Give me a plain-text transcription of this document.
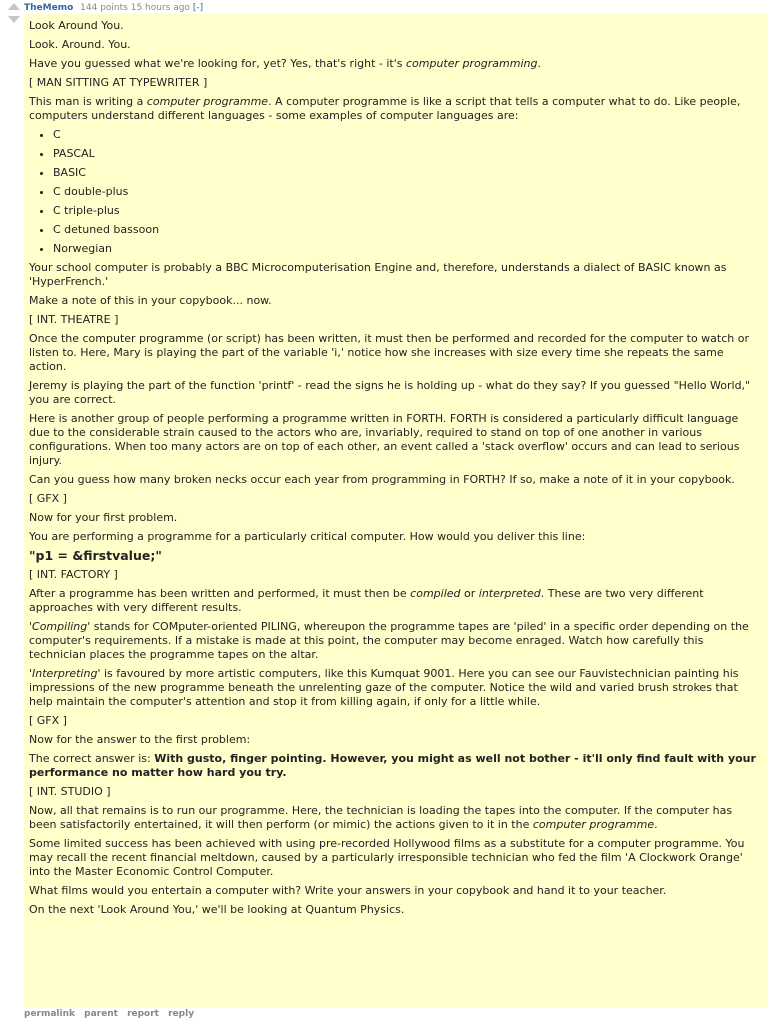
TheMemo 144 points 15 hours ago [-]

Look Around You.

Look. Around. You.

Have you guessed what we're looking for, yet? Yes, that's right - it's computer programming.

[ MAN SITTING AT TYPEWRITER ]

This man is writing a computer programme. A computer programme is like a script that tells a computer what to do. Like people, computers understand different languages - some examples of computer languages are:

• C
• PASCAL
• BASIC
• C double-plus
• C triple-plus
• C detuned bassoon
• Norwegian

Your school computer is probably a BBC Microcomputerisation Engine and, therefore, understands a dialect of BASIC known as 'HyperFrench.'

Make a note of this in your copybook... now.

[ INT. THEATRE ]

Once the computer programme (or script) has been written, it must then be performed and recorded for the computer to watch or listen to. Here, Mary is playing the part of the variable 'i,' notice how she increases with size every time she repeats the same action.

Jeremy is playing the part of the function 'printf' - read the signs he is holding up - what do they say? If you guessed "Hello World," you are correct.

Here is another group of people performing a programme written in FORTH. FORTH is considered a particularly difficult language due to the considerable strain caused to the actors who are, invariably, required to stand on top of one another in various configurations. When too many actors are on top of each other, an event called a 'stack overflow' occurs and can lead to serious injury.

Can you guess how many broken necks occur each year from programming in FORTH? If so, make a note of it in your copybook.

[ GFX ]

Now for your first problem.

You are performing a programme for a particularly critical computer. How would you deliver this line:

"p1 = &firstvalue;"

[ INT. FACTORY ]

After a programme has been written and performed, it must then be compiled or interpreted. These are two very different approaches with very different results.

'Compiling' stands for COMputer-oriented PILING, whereupon the programme tapes are 'piled' in a specific order depending on the computer's requirements. If a mistake is made at this point, the computer may become enraged. Watch how carefully this technician places the programme tapes on the altar.

'Interpreting' is favoured by more artistic computers, like this Kumquat 9001. Here you can see our Fauvistechnician painting his impressions of the new programme beneath the unrelenting gaze of the computer. Notice the wild and varied brush strokes that help maintain the computer's attention and stop it from killing again, if only for a little while.

[ GFX ]

Now for the answer to the first problem:

The correct answer is: With gusto, finger pointing. However, you might as well not bother - it'll only find fault with your performance no matter how hard you try.

[ INT. STUDIO ]

Now, all that remains is to run our programme. Here, the technician is loading the tapes into the computer. If the computer has been satisfactorily entertained, it will then perform (or mimic) the actions given to it in the computer programme.

Some limited success has been achieved with using pre-recorded Hollywood films as a substitute for a computer programme. You may recall the recent financial meltdown, caused by a particularly irresponsible technician who fed the film 'A Clockwork Orange' into the Master Economic Control Computer.

What films would you entertain a computer with? Write your answers in your copybook and hand it to your teacher.

On the next 'Look Around You,' we'll be looking at Quantum Physics.

permalink parent report reply
